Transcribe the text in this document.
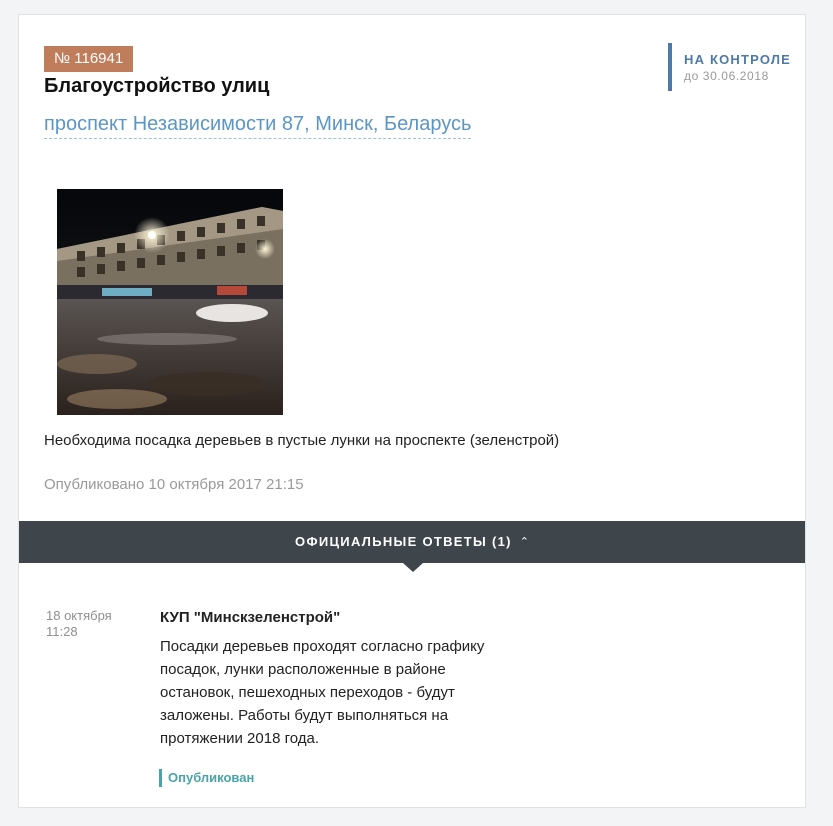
№ 116941
Благоустройство улиц
проспект Независимости 87, Минск, Беларусь
НА КОНТРОЛЕ
до 30.06.2018
Необходима посадка деревьев в пустые лунки на проспекте (зеленстрой)
Опубликовано 10 октября 2017 21:15
ОФИЦИАЛЬНЫЕ ОТВЕТЫ (1) ⌃
18 октября
11:28
КУП "Минскзеленстрой"
Посадки деревьев проходят согласно графику посадок, лунки расположенные в районе остановок, пешеходных переходов - будут заложены. Работы будут выполняться на протяжении 2018 года.
Опубликован
